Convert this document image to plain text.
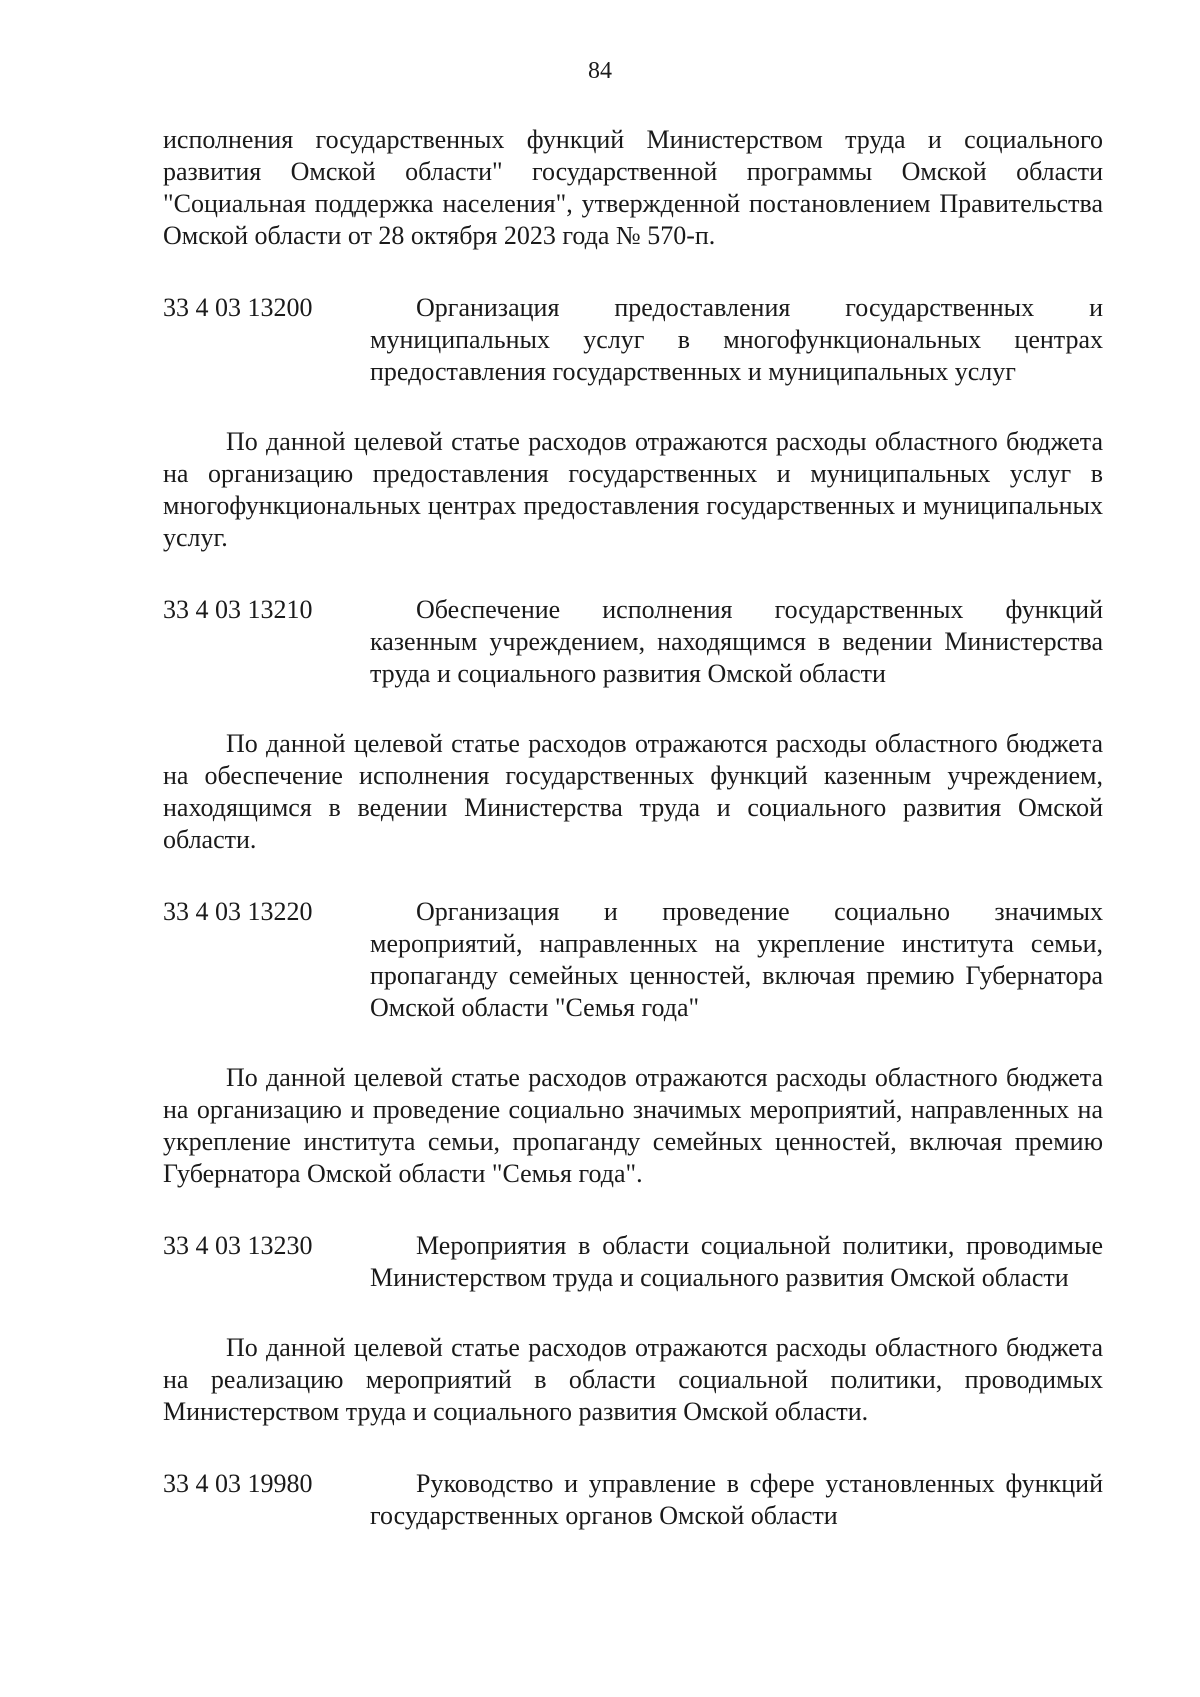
84

исполнения государственных функций Министерством труда и социального развития Омской области" государственной программы Омской области "Социальная поддержка населения", утвержденной постановлением Правительства Омской области от 28 октября 2023 года № 570-п.

33 4 03 13200	Организация предоставления государственных и муниципальных услуг в многофункциональных центрах предоставления государственных и муниципальных услуг

По данной целевой статье расходов отражаются расходы областного бюджета на организацию предоставления государственных и муниципальных услуг в многофункциональных центрах предоставления государственных и муниципальных услуг.

33 4 03 13210	Обеспечение исполнения государственных функций казенным учреждением, находящимся в ведении Министерства труда и социального развития Омской области

По данной целевой статье расходов отражаются расходы областного бюджета на обеспечение исполнения государственных функций казенным учреждением, находящимся в ведении Министерства труда и социального развития Омской области.

33 4 03 13220	Организация и проведение социально значимых мероприятий, направленных на укрепление института семьи, пропаганду семейных ценностей, включая премию Губернатора Омской области "Семья года"

По данной целевой статье расходов отражаются расходы областного бюджета на организацию и проведение социально значимых мероприятий, направленных на укрепление института семьи, пропаганду семейных ценностей, включая премию Губернатора Омской области "Семья года".

33 4 03 13230	Мероприятия в области социальной политики, проводимые Министерством труда и социального развития Омской области

По данной целевой статье расходов отражаются расходы областного бюджета на реализацию мероприятий в области социальной политики, проводимых Министерством труда и социального развития Омской области.

33 4 03 19980	Руководство и управление в сфере установленных функций государственных органов Омской области
